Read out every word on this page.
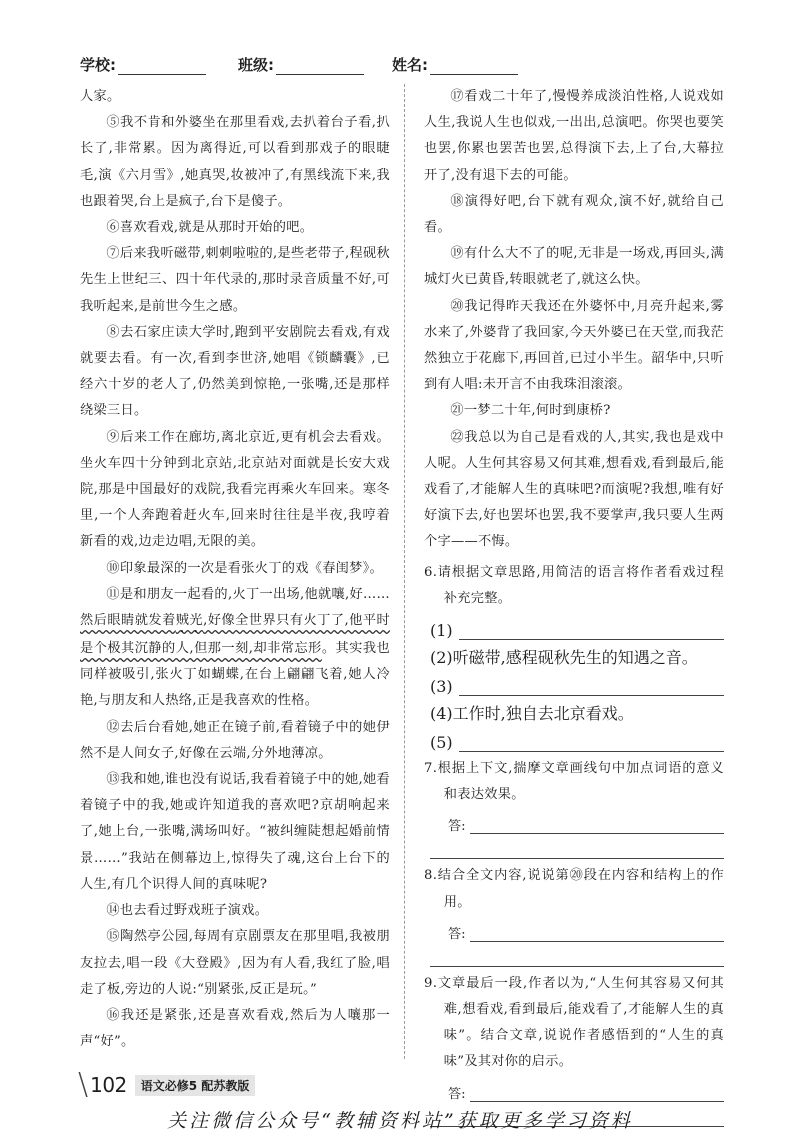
学校:	班级:	姓名:

人家。

⑤我不肯和外婆坐在那里看戏,去扒着台子看,扒长了,非常累。因为离得近,可以看到那戏子的眼睫毛,演《六月雪》,她真哭,妆被冲了,有黑线流下来,我也跟着哭,台上是疯子,台下是傻子。

⑥喜欢看戏,就是从那时开始的吧。

⑦后来我听磁带,刺刺啦啦的,是些老带子,程砚秋先生上世纪三、四十年代录的,那时录音质量不好,可我听起来,是前世今生之感。

⑧去石家庄读大学时,跑到平安剧院去看戏,有戏就要去看。有一次,看到李世济,她唱《锁麟囊》,已经六十岁的老人了,仍然美到惊艳,一张嘴,还是那样绕梁三日。

⑨后来工作在廊坊,离北京近,更有机会去看戏。坐火车四十分钟到北京站,北京站对面就是长安大戏院,那是中国最好的戏院,我看完再乘火车回来。寒冬里,一个人奔跑着赶火车,回来时往往是半夜,我哼着新看的戏,边走边唱,无限的美。

⑩印象最深的一次是看张火丁的戏《春闺梦》。

⑪是和朋友一起看的,火丁一出场,他就嚷,好……然后眼睛就发着贼光,好像全世界只有火丁了,他平时是个极其沉静的人,但那一刻,却非常忘形。其实我也同样被吸引,张火丁如蝴蝶,在台上翩翩飞着,她人冷艳,与朋友和人热络,正是我喜欢的性格。

⑫去后台看她,她正在镜子前,看着镜子中的她伊然不是人间女子,好像在云端,分外地薄凉。

⑬我和她,谁也没有说话,我看着镜子中的她,她看着镜子中的我,她或许知道我的喜欢吧?京胡响起来了,她上台,一张嘴,满场叫好。“被纠缠陡想起婚前情景……”我站在侧幕边上,惊得失了魂,这台上台下的人生,有几个识得人间的真味呢?

⑭也去看过野戏班子演戏。

⑮陶然亭公园,每周有京剧票友在那里唱,我被朋友拉去,唱一段《大登殿》,因为有人看,我红了脸,唱走了板,旁边的人说:“别紧张,反正是玩。”

⑯我还是紧张,还是喜欢看戏,然后为人嚷那一声“好”。

⑰看戏二十年了,慢慢养成淡泊性格,人说戏如人生,我说人生也似戏,一出出,总演吧。你哭也要笑也罢,你累也罢苦也罢,总得演下去,上了台,大幕拉开了,没有退下去的可能。

⑱演得好吧,台下就有观众,演不好,就给自己看。

⑲有什么大不了的呢,无非是一场戏,再回头,满城灯火已黄昏,转眼就老了,就这么快。

⑳我记得昨天我还在外婆怀中,月亮升起来,雾水来了,外婆背了我回家,今天外婆已在天堂,而我茫然独立于花廊下,再回首,已过小半生。韶华中,只听到有人唱:未开言不由我珠泪滚滚。

㉑一梦二十年,何时到康桥?

㉒我总以为自己是看戏的人,其实,我也是戏中人呢。人生何其容易又何其难,想看戏,看到最后,能戏看了,才能解人生的真味吧?而演呢?我想,唯有好好演下去,好也罢坏也罢,我不要掌声,我只要人生两个字——不悔。

6.请根据文章思路,用简洁的语言将作者看戏过程补充完整。

(1)
(2)听磁带,感程砚秋先生的知遇之音。
(3)
(4)工作时,独自去北京看戏。
(5)

7.根据上下文,揣摩文章画线句中加点词语的意义和表达效果。

答:

8.结合全文内容,说说第⑳段在内容和结构上的作用。

答:

9.文章最后一段,作者以为,“人生何其容易又何其难,想看戏,看到最后,能戏看了,才能解人生的真味”。结合文章,说说作者感悟到的“人生的真味”及其对你的启示。

答:
\ 102	语文必修5 配苏教版
关注微信公众号“教辅资料站”获取更多学习资料
